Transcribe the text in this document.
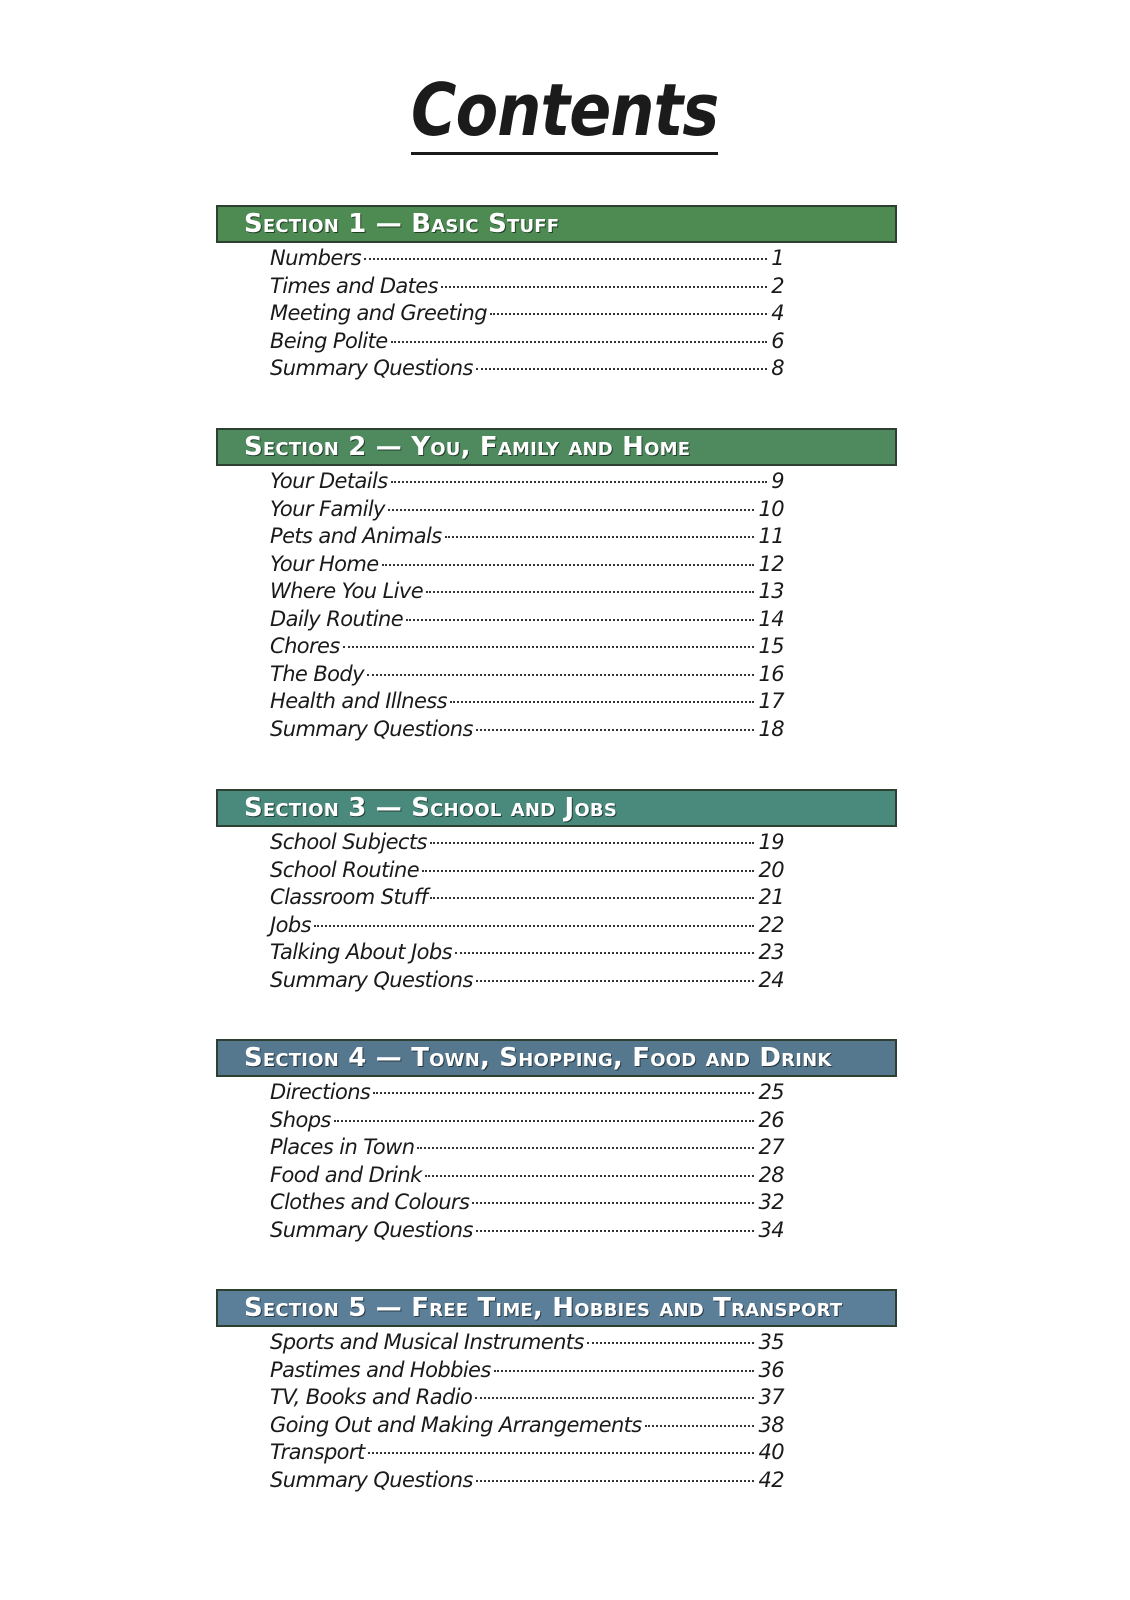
Contents
Section 1 — Basic Stuff
Numbers	1
Times and Dates	2
Meeting and Greeting	4
Being Polite	6
Summary Questions	8
Section 2 — You, Family and Home
Your Details	9
Your Family	10
Pets and Animals	11
Your Home	12
Where You Live	13
Daily Routine	14
Chores	15
The Body	16
Health and Illness	17
Summary Questions	18
Section 3 — School and Jobs
School Subjects	19
School Routine	20
Classroom Stuff	21
Jobs	22
Talking About Jobs	23
Summary Questions	24
Section 4 — Town, Shopping, Food and Drink
Directions	25
Shops	26
Places in Town	27
Food and Drink	28
Clothes and Colours	32
Summary Questions	34
Section 5 — Free Time, Hobbies and Transport
Sports and Musical Instruments	35
Pastimes and Hobbies	36
TV, Books and Radio	37
Going Out and Making Arrangements	38
Transport	40
Summary Questions	42
